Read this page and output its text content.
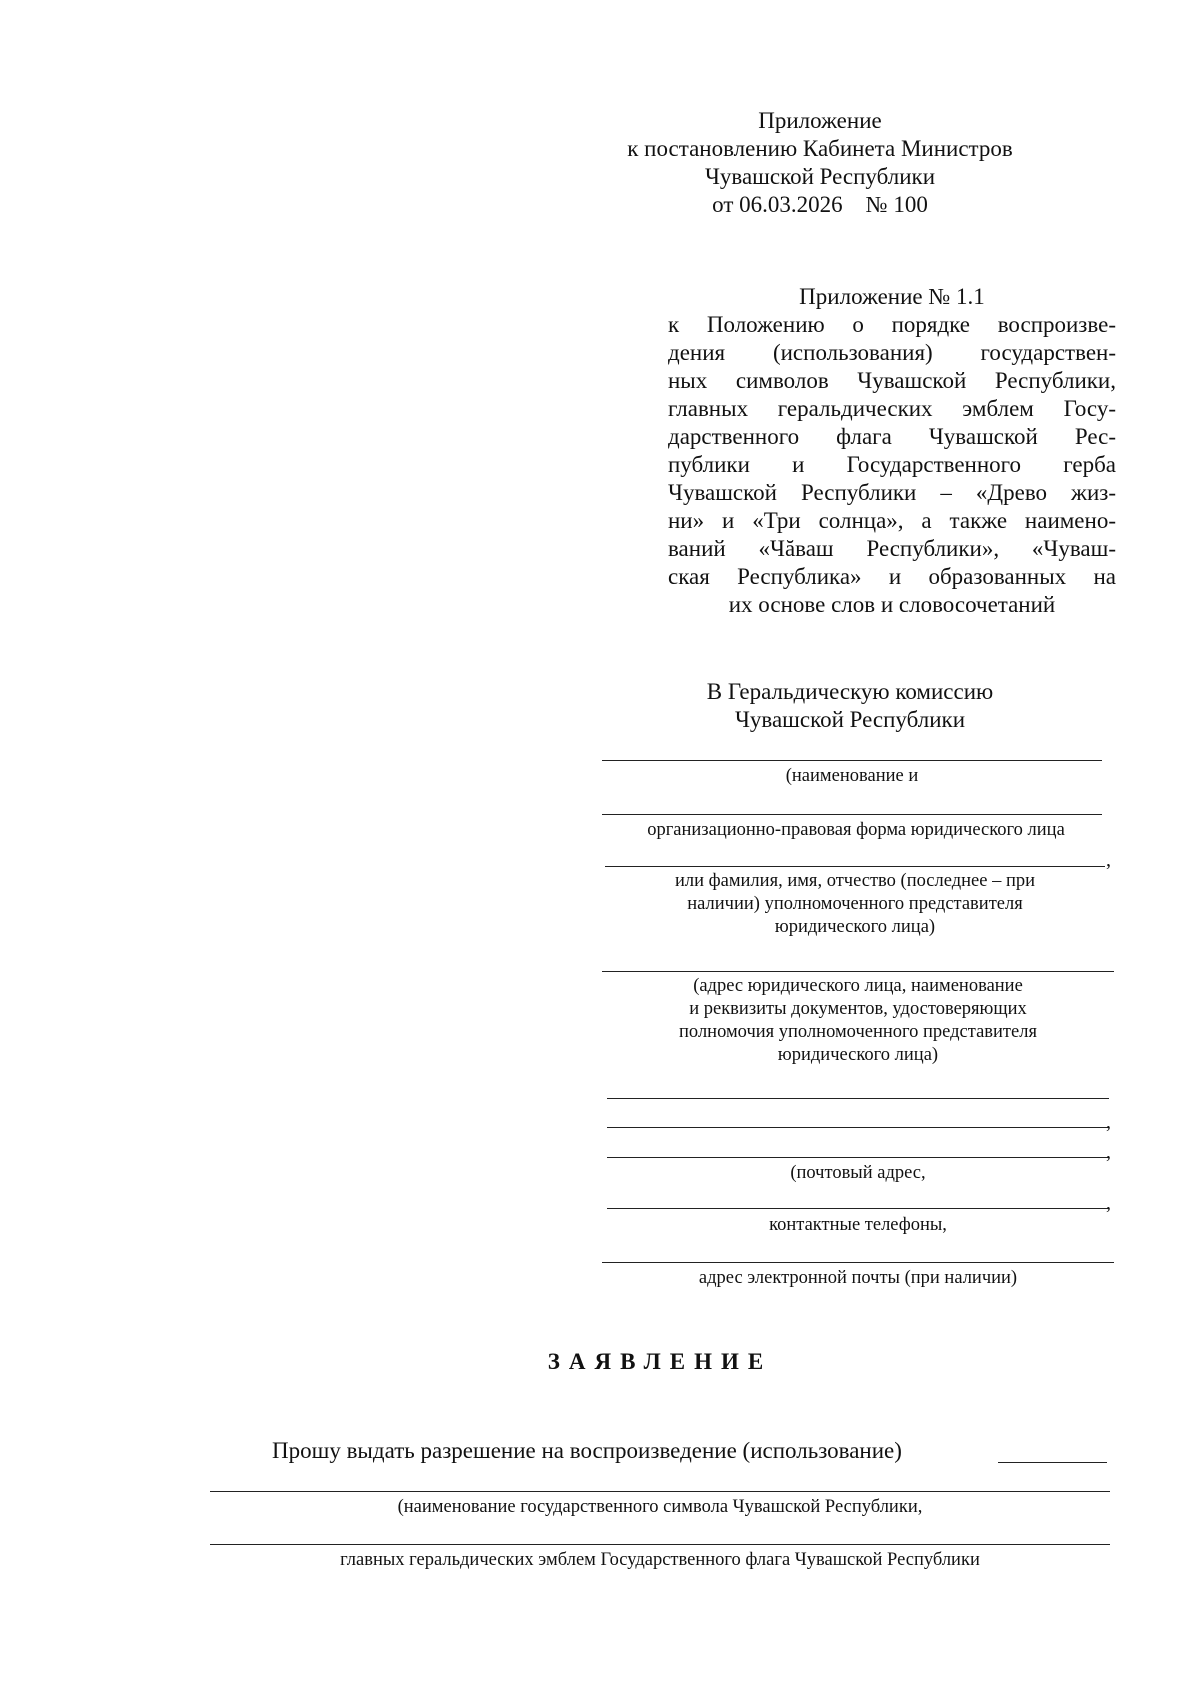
Приложение
к постановлению Кабинета Министров
Чувашской Республики
от 06.03.2026    № 100
Приложение № 1.1
к Положению о порядке воспроизве-
дения (использования) государствен-
ных символов Чувашской Республики,
главных геральдических эмблем Госу-
дарственного флага Чувашской Рес-
публики и Государственного герба
Чувашской Республики – «Древо жиз-
ни» и «Три солнца», а также наимено-
ваний «Чăваш Республики», «Чуваш-
ская Республика» и образованных на
их основе слов и словосочетаний
В Геральдическую комиссию
Чувашской Республики
(наименование и
организационно-правовая форма юридического лица
,
или фамилия, имя, отчество (последнее – при
наличии) уполномоченного представителя
юридического лица)
(адрес юридического лица, наименование
и реквизиты документов, удостоверяющих
полномочия уполномоченного представителя
юридического лица)
,
,
(почтовый адрес,
,
контактные телефоны,
адрес электронной почты (при наличии)
ЗАЯВЛЕНИЕ
Прошу выдать разрешение на воспроизведение (использование)
(наименование государственного символа Чувашской Республики,
главных геральдических эмблем Государственного флага Чувашской Республики
